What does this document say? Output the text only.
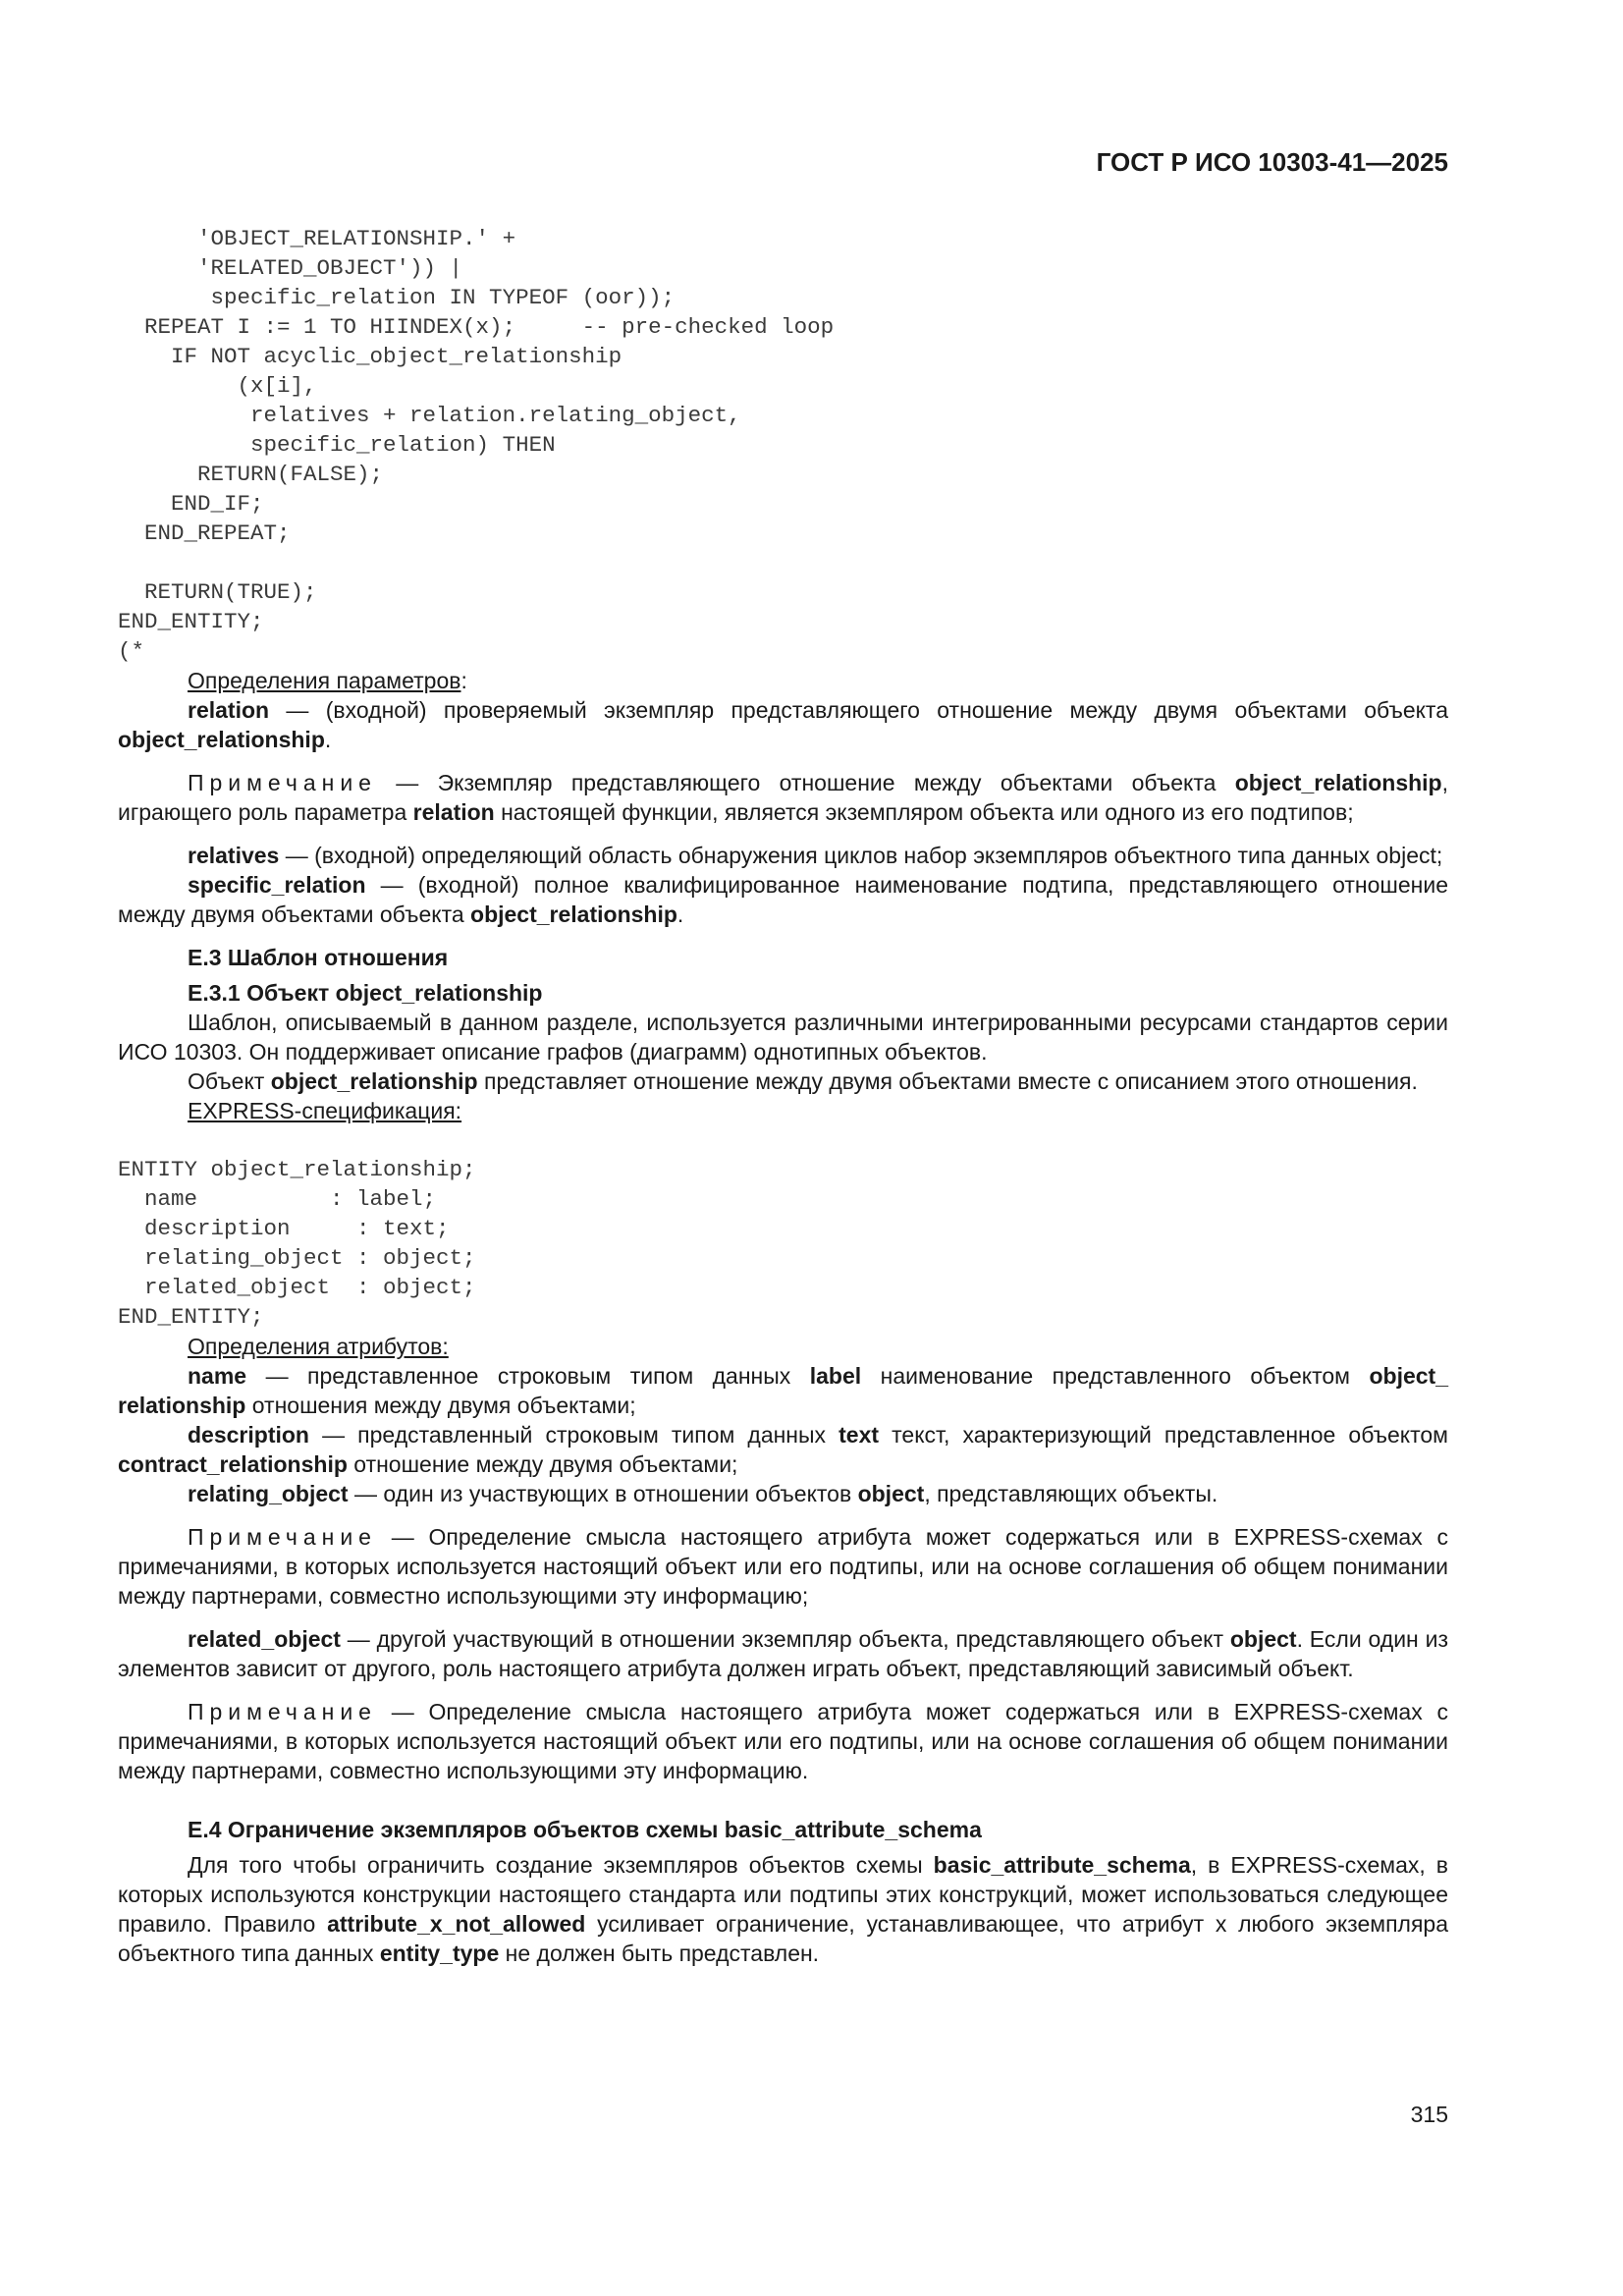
ГОСТ Р ИСО 10303-41—2025
'OBJECT_RELATIONSHIP.' +
'RELATED_OBJECT')) |
specific_relation IN TYPEOF (oor));
REPEAT I := 1 TO HIINDEX(x);     -- pre-checked loop
IF NOT acyclic_object_relationship
(x[i],
relatives + relation.relating_object,
specific_relation) THEN
RETURN(FALSE);
END_IF;
END_REPEAT;

RETURN(TRUE);
END_ENTITY;
(*

Определения параметров:

relation — (входной) проверяемый экземпляр представляющего отношение между двумя объектами объекта object_relationship.

Примечание — Экземпляр представляющего отношение между объектами объекта object_relationship, играющего роль параметра relation настоящей функции, является экземпляром объекта или одного из его подтипов;

relatives — (входной) определяющий область обнаружения циклов набор экземпляров объектного типа данных object;

specific_relation — (входной) полное квалифицированное наименование подтипа, представляющего отношение между двумя объектами объекта object_relationship.

E.3 Шаблон отношения

E.3.1 Объект object_relationship

Шаблон, описываемый в данном разделе, используется различными интегрированными ресурсами стандартов серии ИСО 10303. Он поддерживает описание графов (диаграмм) однотипных объектов.

Объект object_relationship представляет отношение между двумя объектами вместе с описанием этого отношения.

EXPRESS-спецификация:

ENTITY object_relationship;
name          : label;
description     : text;
relating_object : object;
related_object  : object;
END_ENTITY;

Определения атрибутов:

name — представленное строковым типом данных label наименование представленного объектом object_ relationship отношения между двумя объектами;

description — представленный строковым типом данных text текст, характеризующий представленное объектом contract_relationship отношение между двумя объектами;

relating_object — один из участвующих в отношении объектов object, представляющих объекты.

Примечание — Определение смысла настоящего атрибута может содержаться или в EXPRESS-схемах с примечаниями, в которых используется настоящий объект или его подтипы, или на основе соглашения об общем понимании между партнерами, совместно использующими эту информацию;

related_object — другой участвующий в отношении экземпляр объекта, представляющего объект object. Если один из элементов зависит от другого, роль настоящего атрибута должен играть объект, представляющий зависимый объект.

Примечание — Определение смысла настоящего атрибута может содержаться или в EXPRESS-схемах с примечаниями, в которых используется настоящий объект или его подтипы, или на основе соглашения об общем понимании между партнерами, совместно использующими эту информацию.

E.4 Ограничение экземпляров объектов схемы basic_attribute_schema

Для того чтобы ограничить создание экземпляров объектов схемы basic_attribute_schema, в EXPRESS-схемах, в которых используются конструкции настоящего стандарта или подтипы этих конструкций, может использоваться следующее правило. Правило attribute_x_not_allowed усиливает ограничение, устанавливающее, что атрибут x любого экземпляра объектного типа данных entity_type не должен быть представлен.

315
